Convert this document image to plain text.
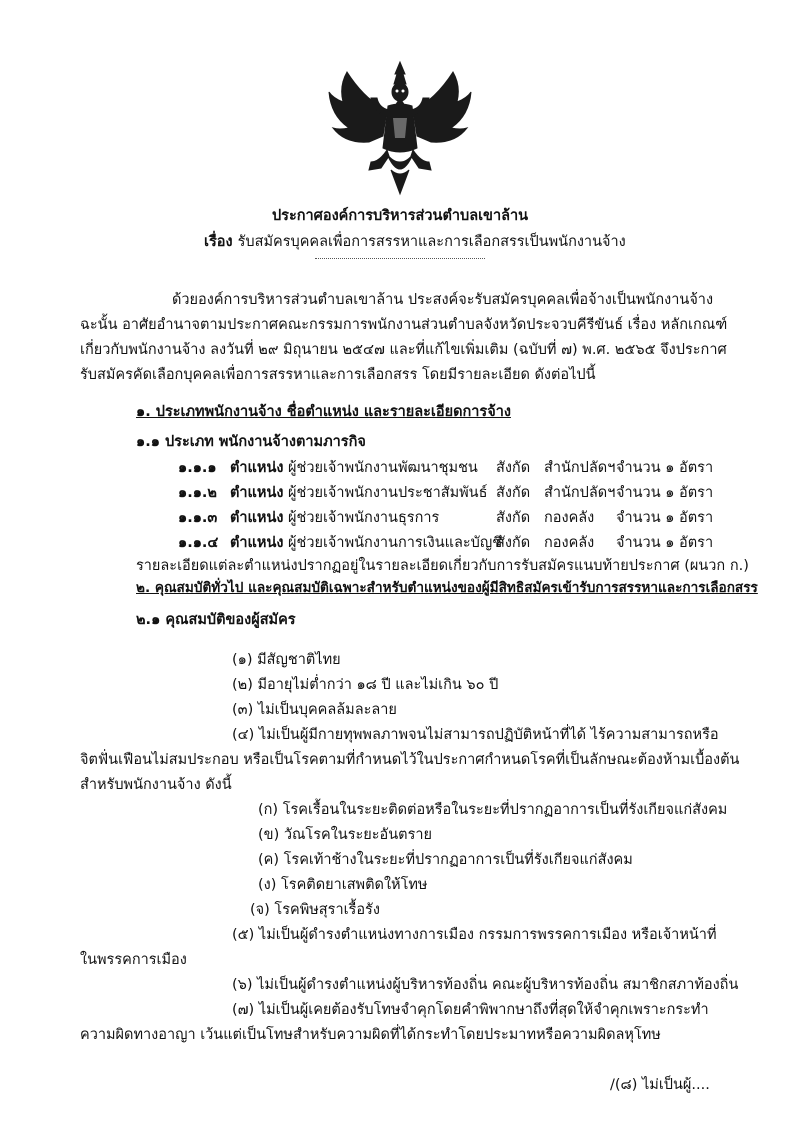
ประกาศองค์การบริหารส่วนตำบลเขาล้าน
เรื่อง รับสมัครบุคคลเพื่อการสรรหาและการเลือกสรรเป็นพนักงานจ้าง
ด้วยองค์การบริหารส่วนตำบลเขาล้าน ประสงค์จะรับสมัครบุคคลเพื่อจ้างเป็นพนักงานจ้าง
ฉะนั้น อาศัยอำนาจตามประกาศคณะกรรมการพนักงานส่วนตำบลจังหวัดประจวบคีรีขันธ์ เรื่อง หลักเกณฑ์
เกี่ยวกับพนักงานจ้าง ลงวันที่ ๒๙ มิถุนายน ๒๕๔๗ และที่แก้ไขเพิ่มเติม (ฉบับที่ ๗) พ.ศ. ๒๕๖๕ จึงประกาศ
รับสมัครคัดเลือกบุคคลเพื่อการสรรหาและการเลือกสรร โดยมีรายละเอียด ดังต่อไปนี้
๑. ประเภทพนักงานจ้าง ชื่อตำแหน่ง และรายละเอียดการจ้าง
๑.๑ ประเภท พนักงานจ้างตามภารกิจ
๑.๑.๑ ตำแหน่ง ผู้ช่วยเจ้าพนักงานพัฒนาชุมชน สังกัด สำนักปลัดฯ จำนวน ๑ อัตรา
๑.๑.๒ ตำแหน่ง ผู้ช่วยเจ้าพนักงานประชาสัมพันธ์ สังกัด สำนักปลัดฯ จำนวน ๑ อัตรา
๑.๑.๓ ตำแหน่ง ผู้ช่วยเจ้าพนักงานธุรการ	สังกัด กองคลัง จำนวน ๑ อัตรา
๑.๑.๔ ตำแหน่ง ผู้ช่วยเจ้าพนักงานการเงินและบัญชี
สังกัด กองคลัง จำนวน ๑ อัตรา
รายละเอียดแต่ละตำแหน่งปรากฏอยู่ในรายละเอียดเกี่ยวกับการรับสมัครแนบท้ายประกาศ (ผนวก ก.)
๒. คุณสมบัติทั่วไป และคุณสมบัติเฉพาะสำหรับตำแหน่งของผู้มีสิทธิสมัครเข้ารับการสรรหาและการเลือกสรร
๒.๑ คุณสมบัติของผู้สมัคร
(๑) มีสัญชาติไทย
(๒) มีอายุไม่ต่ำกว่า ๑๘ ปี และไม่เกิน ๖๐ ปี
(๓) ไม่เป็นบุคคลล้มละลาย
(๔) ไม่เป็นผู้มีกายทุพพลภาพจนไม่สามารถปฏิบัติหน้าที่ได้ ไร้ความสามารถหรือ
จิตฟั่นเฟือนไม่สมประกอบ หรือเป็นโรคตามที่กำหนดไว้ในประกาศกำหนดโรคที่เป็นลักษณะต้องห้ามเบื้องต้น
สำหรับพนักงานจ้าง ดังนี้
(ก) โรคเรื้อนในระยะติดต่อหรือในระยะที่ปรากฏอาการเป็นที่รังเกียจแก่สังคม
(ข) วัณโรคในระยะอันตราย
(ค) โรคเท้าช้างในระยะที่ปรากฏอาการเป็นที่รังเกียจแก่สังคม
(ง) โรคติดยาเสพติดให้โทษ
(จ) โรคพิษสุราเรื้อรัง
(๕) ไม่เป็นผู้ดำรงตำแหน่งทางการเมือง กรรมการพรรคการเมือง หรือเจ้าหน้าที่
ในพรรคการเมือง
(๖) ไม่เป็นผู้ดำรงตำแหน่งผู้บริหารท้องถิ่น คณะผู้บริหารท้องถิ่น สมาชิกสภาท้องถิ่น
(๗) ไม่เป็นผู้เคยต้องรับโทษจำคุกโดยคำพิพากษาถึงที่สุดให้จำคุกเพราะกระทำ
ความผิดทางอาญา เว้นแต่เป็นโทษสำหรับความผิดที่ได้กระทำโดยประมาทหรือความผิดลหุโทษ
/(๘) ไม่เป็นผู้....
